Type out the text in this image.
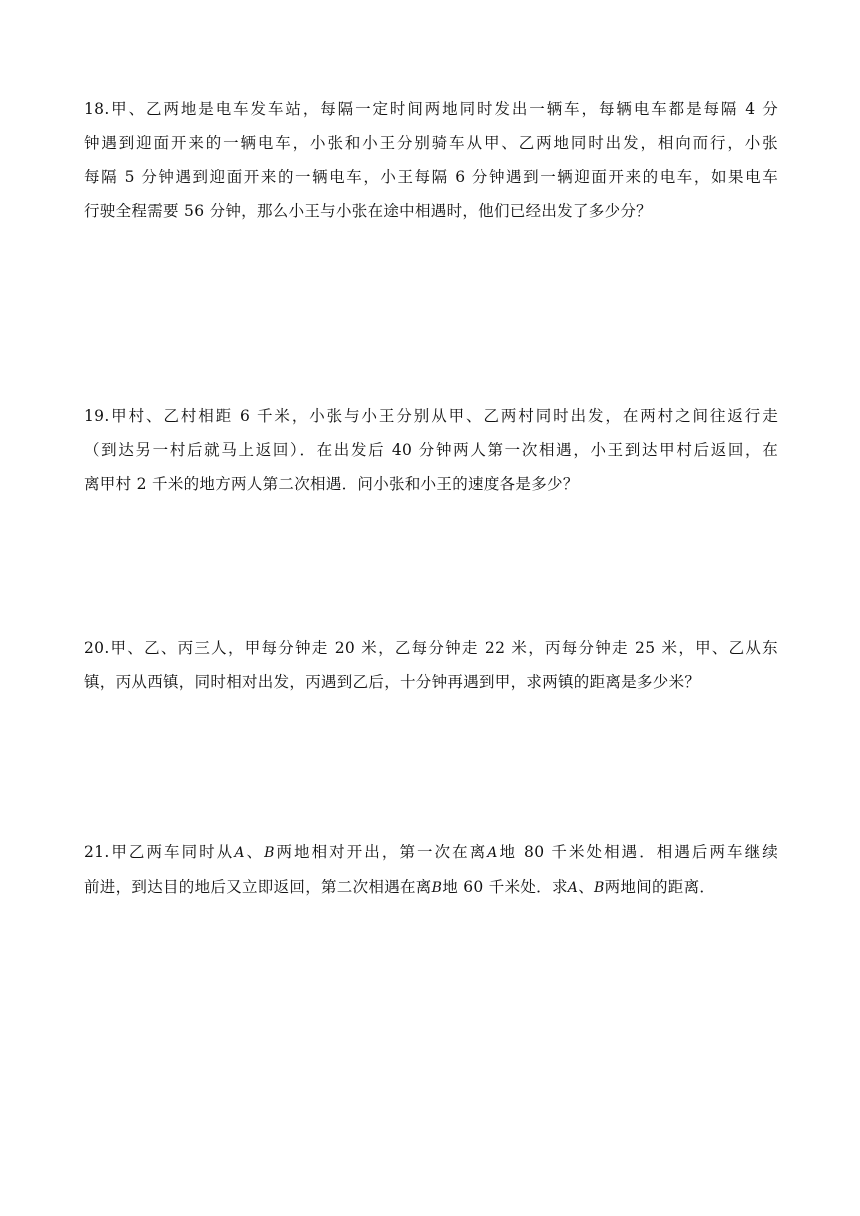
18.甲、乙两地是电车发车站，每隔一定时间两地同时发出一辆车，每辆电车都是每隔 4 分
钟遇到迎面开来的一辆电车，小张和小王分别骑车从甲、乙两地同时出发，相向而行，小张
每隔 5 分钟遇到迎面开来的一辆电车，小王每隔 6 分钟遇到一辆迎面开来的电车，如果电车
行驶全程需要 56 分钟，那么小王与小张在途中相遇时，他们已经出发了多少分？
19.甲村、乙村相距 6 千米，小张与小王分别从甲、乙两村同时出发，在两村之间往返行走
（到达另一村后就马上返回）．在出发后 40 分钟两人第一次相遇，小王到达甲村后返回，在
离甲村 2 千米的地方两人第二次相遇．问小张和小王的速度各是多少？
20.甲、乙、丙三人，甲每分钟走 20 米，乙每分钟走 22 米，丙每分钟走 25 米，甲、乙从东
镇，丙从西镇，同时相对出发，丙遇到乙后，十分钟再遇到甲，求两镇的距离是多少米？
21.甲乙两车同时从A、B两地相对开出，第一次在离A地 80 千米处相遇．相遇后两车继续
前进，到达目的地后又立即返回，第二次相遇在离B地 60 千米处．求A、B两地间的距离．
